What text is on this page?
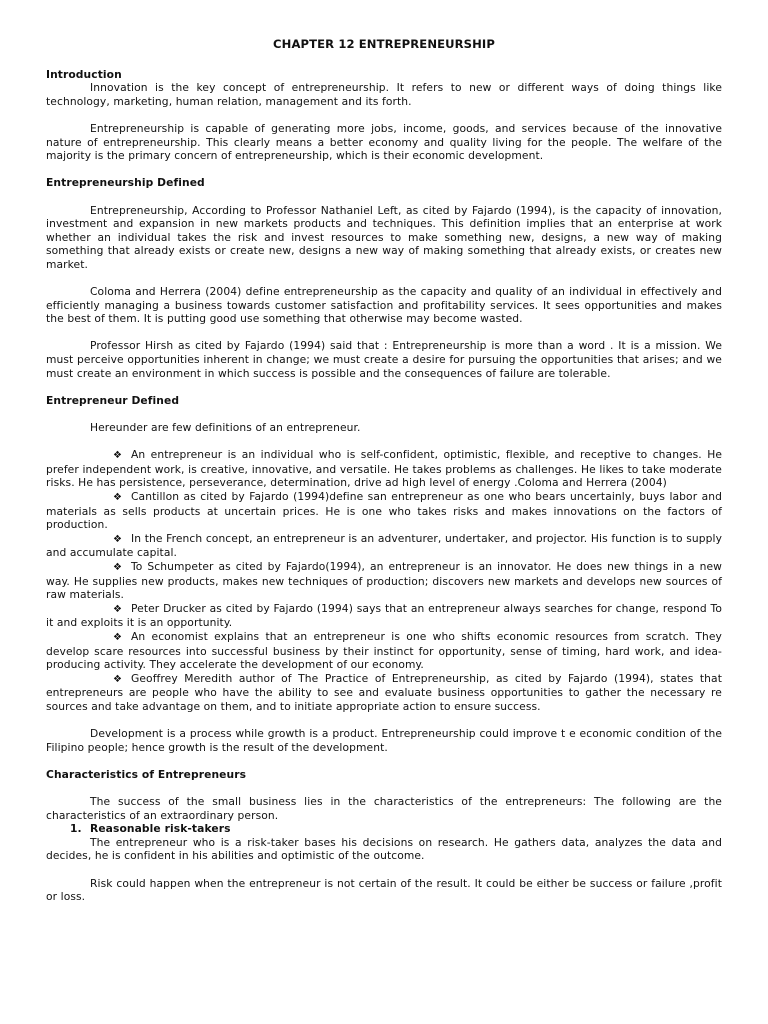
CHAPTER 12 ENTREPRENEURSHIP
Introduction

Innovation is the key concept of entrepreneurship. It refers to new or different ways of doing things like technology, marketing, human relation, management and its forth.

Entrepreneurship is capable of generating more jobs, income, goods, and services because of the innovative nature of entrepreneurship. This clearly means a better economy and quality living for the people. The welfare of the majority is the primary concern of entrepreneurship, which is their economic development.

Entrepreneurship Defined

Entrepreneurship, According to Professor Nathaniel Left, as cited by Fajardo (1994), is the capacity of innovation, investment and expansion in new markets products and techniques. This definition implies that an enterprise at work whether an individual takes the risk and invest resources to make something new, designs, a new way of making something that already exists or create new, designs a new way of making something that already exists, or creates new market.

Coloma and Herrera (2004) define entrepreneurship as the capacity and quality of an individual in effectively and efficiently managing a business towards customer satisfaction and profitability services. It sees opportunities and makes the best of them. It is putting good use something that otherwise may become wasted.

Professor Hirsh as cited by Fajardo (1994) said that : Entrepreneurship is more than a word . It is a mission. We must perceive opportunities inherent in change; we must create a desire for pursuing the opportunities that arises; and we must create an environment in which success is possible and the consequences of failure are tolerable.

Entrepreneur Defined

Hereunder are few definitions of an entrepreneur.

❖ An entrepreneur is an individual who is self-confident, optimistic, flexible, and receptive to changes. He prefer independent work, is creative, innovative, and versatile. He takes problems as challenges. He likes to take moderate risks. He has persistence, perseverance, determination, drive ad high level of energy .Coloma and Herrera (2004)

❖ Cantillon as cited by Fajardo (1994)define san entrepreneur as one who bears uncertainly, buys labor and materials as sells products at uncertain prices. He is one who takes risks and makes innovations on the factors of production.

❖ In the French concept, an entrepreneur is an adventurer, undertaker, and projector. His function is to supply and accumulate capital.

❖ To Schumpeter as cited by Fajardo(1994), an entrepreneur is an innovator. He does new things in a new way. He supplies new products, makes new techniques of production; discovers new markets and develops new sources of raw materials.

❖ Peter Drucker as cited by Fajardo (1994) says that an entrepreneur always searches for change, respond To it and exploits it is an opportunity.

❖ An economist explains that an entrepreneur is one who shifts economic resources from scratch. They develop scare resources into successful business by their instinct for opportunity, sense of timing, hard work, and idea-producing activity. They accelerate the development of our economy.

❖ Geoffrey Meredith author of The Practice of Entrepreneurship, as cited by Fajardo (1994), states that entrepreneurs are people who have the ability to see and evaluate business opportunities to gather the necessary re sources and take advantage on them, and to initiate appropriate action to ensure success.

Development is a process while growth is a product. Entrepreneurship could improve t e economic condition of the Filipino people; hence growth is the result of the development.

Characteristics of Entrepreneurs

The success of the small business lies in the characteristics of the entrepreneurs: The following are the characteristics of an extraordinary person.

1. Reasonable risk-takers

The entrepreneur who is a risk-taker bases his decisions on research. He gathers data, analyzes the data and decides, he is confident in his abilities and optimistic of the outcome.

Risk could happen when the entrepreneur is not certain of the result. It could be either be success or failure ,profit or loss.
